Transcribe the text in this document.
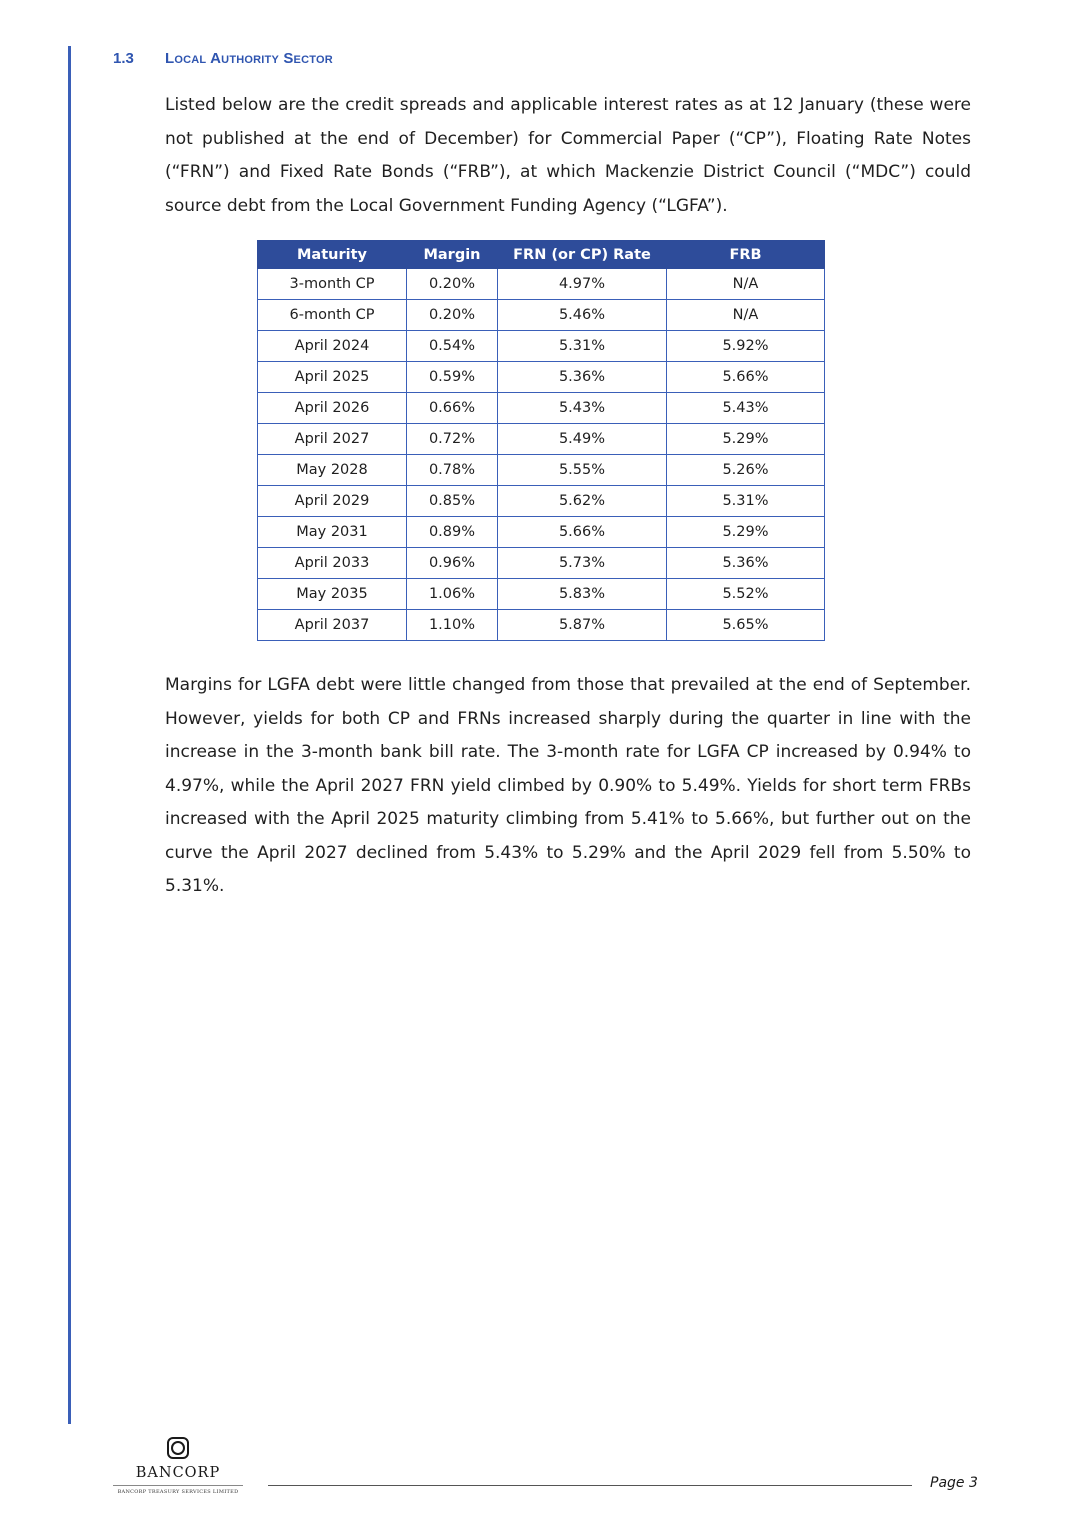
1.3	Local Authority Sector

Listed below are the credit spreads and applicable interest rates as at 12 January (these were not published at the end of December) for Commercial Paper (“CP”), Floating Rate Notes (“FRN”) and Fixed Rate Bonds (“FRB”), at which Mackenzie District Council (“MDC”) could source debt from the Local Government Funding Agency (“LGFA”).

Maturity	Margin	FRN (or CP) Rate	FRB
3-month CP	0.20%	4.97%	N/A
6-month CP	0.20%	5.46%	N/A
April 2024	0.54%	5.31%	5.92%
April 2025	0.59%	5.36%	5.66%
April 2026	0.66%	5.43%	5.43%
April 2027	0.72%	5.49%	5.29%
May 2028	0.78%	5.55%	5.26%
April 2029	0.85%	5.62%	5.31%
May 2031	0.89%	5.66%	5.29%
April 2033	0.96%	5.73%	5.36%
May 2035	1.06%	5.83%	5.52%
April 2037	1.10%	5.87%	5.65%

Margins for LGFA debt were little changed from those that prevailed at the end of September. However, yields for both CP and FRNs increased sharply during the quarter in line with the increase in the 3-month bank bill rate. The 3-month rate for LGFA CP increased by 0.94% to 4.97%, while the April 2027 FRN yield climbed by 0.90% to 5.49%. Yields for short term FRBs increased with the April 2025 maturity climbing from 5.41% to 5.66%, but further out on the curve the April 2027 declined from 5.43% to 5.29% and the April 2029 fell from 5.50% to 5.31%.

BANCORP
BANCORP TREASURY SERVICES LIMITED
Page 3
